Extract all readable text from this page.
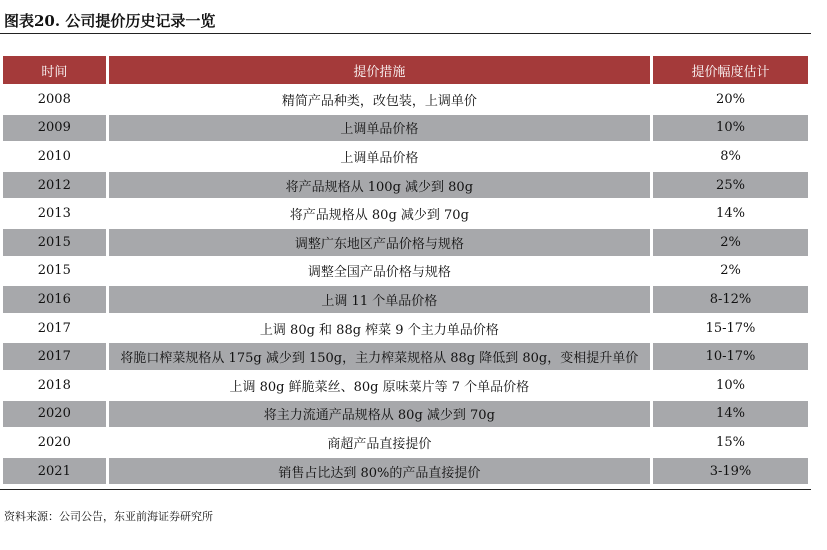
图表20. 公司提价历史记录一览
时间	提价措施	提价幅度估计
2008	精简产品种类，改包装，上调单价	20%
2009	上调单品价格	10%
2010	上调单品价格	8%
2012	将产品规格从 100g 减少到 80g	25%
2013	将产品规格从 80g 减少到 70g	14%
2015	调整广东地区产品价格与规格	2%
2015	调整全国产品价格与规格	2%
2016	上调 11 个单品价格	8-12%
2017	上调 80g 和 88g 榨菜 9 个主力单品价格	15-17%
2017	将脆口榨菜规格从 175g 减少到 150g，主力榨菜规格从 88g 降低到 80g，变相提升单价	10-17%
2018	上调 80g 鲜脆菜丝、80g 原味菜片等 7 个单品价格	10%
2020	将主力流通产品规格从 80g 减少到 70g	14%
2020	商超产品直接提价	15%
2021	销售占比达到 80%的产品直接提价	3-19%
资料来源：公司公告，东亚前海证券研究所
